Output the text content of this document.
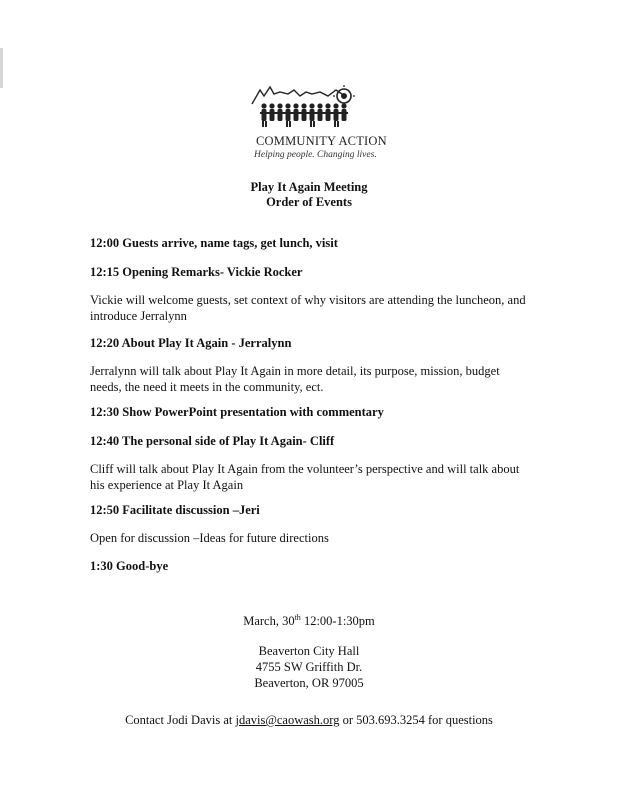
COMMUNITY ACTION
Helping people. Changing lives.
Play It Again Meeting
Order of Events
12:00 Guests arrive, name tags, get lunch, visit
12:15 Opening Remarks- Vickie Rocker
Vickie will welcome guests, set context of why visitors are attending the luncheon, and introduce Jerralynn
12:20 About Play It Again - Jerralynn
Jerralynn will talk about Play It Again in more detail, its purpose, mission, budget needs, the need it meets in the community, ect.
12:30 Show PowerPoint presentation with commentary
12:40 The personal side of Play It Again- Cliff
Cliff will talk about Play It Again from the volunteer’s perspective and will talk about his experience at Play It Again
12:50 Facilitate discussion –Jeri
Open for discussion –Ideas for future directions
1:30 Good-bye
March, 30th 12:00-1:30pm
Beaverton City Hall
4755 SW Griffith Dr.
Beaverton, OR 97005
Contact Jodi Davis at jdavis@caowash.org or 503.693.3254 for questions
